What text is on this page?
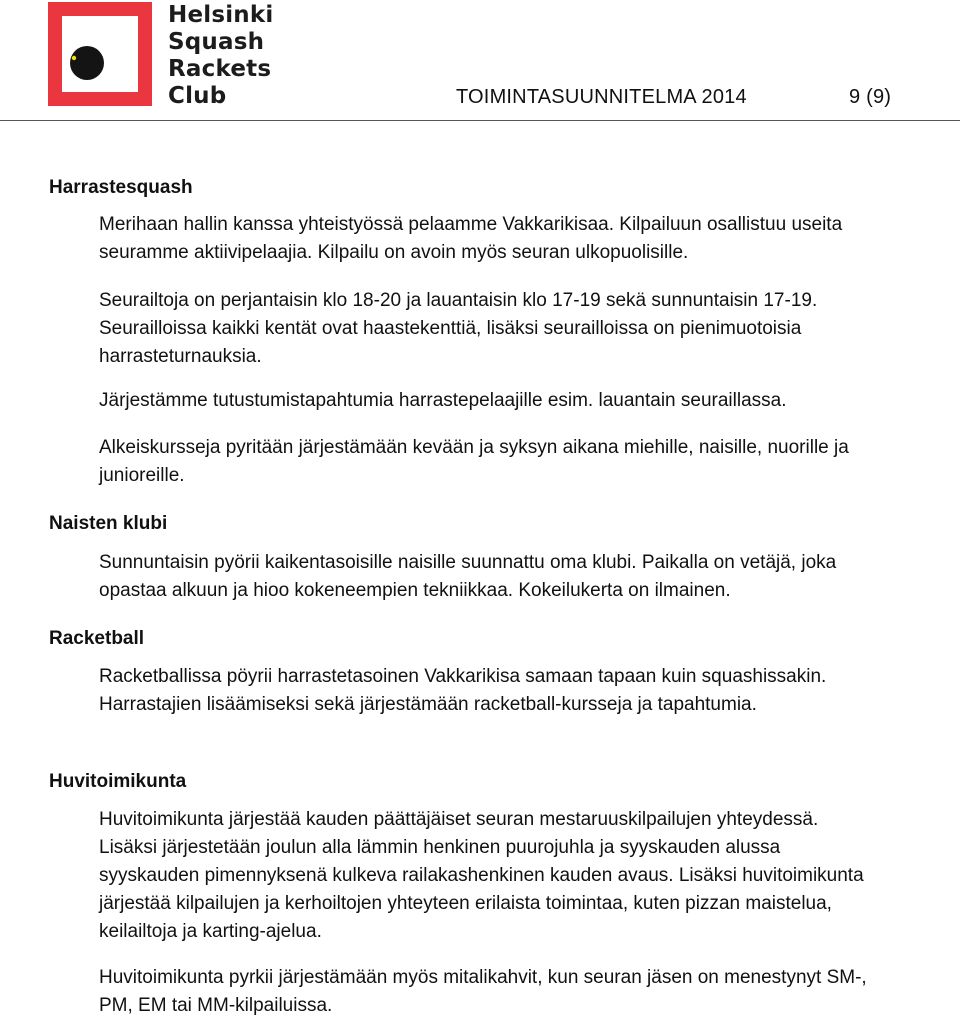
Helsinki
Squash
Rackets
Club	TOIMINTASUUNNITELMA 2014	9 (9)
Harrastesquash
Merihaan hallin kanssa yhteistyössä pelaamme Vakkarikisaa. Kilpailuun osallistuu useita seuramme aktiivipelaajia. Kilpailu on avoin myös seuran ulkopuolisille.
Seurailtoja on perjantaisin klo 18-20 ja lauantaisin klo 17-19 sekä sunnuntaisin 17-19. Seurailloissa kaikki kentät ovat haastekenttiä, lisäksi seurailloissa on pienimuotoisia harrasteturnauksia.
Järjestämme tutustumistapahtumia harrastepelaajille esim. lauantain seuraillassa.
Alkeiskursseja pyritään järjestämään kevään ja syksyn aikana miehille, naisille, nuorille ja junioreille.
Naisten klubi
Sunnuntaisin pyörii kaikentasoisille naisille suunnattu oma klubi. Paikalla on vetäjä, joka opastaa alkuun ja hioo kokeneempien tekniikkaa. Kokeilukerta on ilmainen.
Racketball
Racketballissa pöyrii harrastetasoinen Vakkarikisa samaan tapaan kuin squashissakin. Harrastajien lisäämiseksi sekä järjestämään racketball-kursseja ja tapahtumia.
Huvitoimikunta
Huvitoimikunta järjestää kauden päättäjäiset seuran mestaruuskilpailujen yhteydessä. Lisäksi järjestetään joulun alla lämmin henkinen puurojuhla ja syyskauden alussa syyskauden pimennyksenä kulkeva railakashenkinen kauden avaus. Lisäksi huvitoimikunta järjestää kilpailujen ja kerhoiltojen yhteyteen erilaista toimintaa, kuten pizzan maistelua, keilailtoja ja karting-ajelua.
Huvitoimikunta pyrkii järjestämään myös mitalikahvit, kun seuran jäsen on menestynyt SM-, PM, EM tai MM-kilpailuissa.
